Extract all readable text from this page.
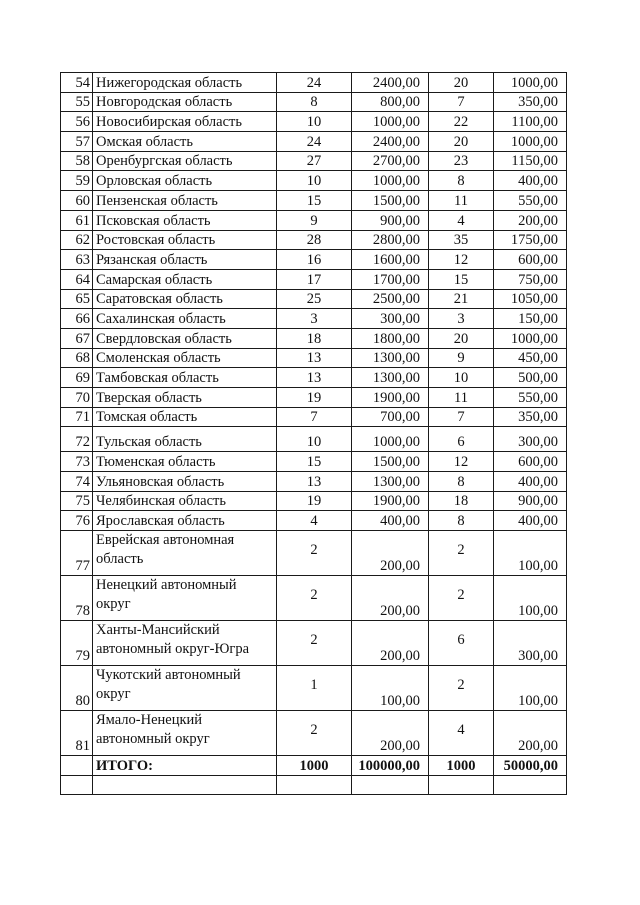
54	Нижегородская область	24	2400,00	20	1000,00
55	Новгородская область	8	800,00	7	350,00
56	Новосибирская область	10	1000,00	22	1100,00
57	Омская область	24	2400,00	20	1000,00
58	Оренбургская область	27	2700,00	23	1150,00
59	Орловская область	10	1000,00	8	400,00
60	Пензенская область	15	1500,00	11	550,00
61	Псковская область	9	900,00	4	200,00
62	Ростовская область	28	2800,00	35	1750,00
63	Рязанская область	16	1600,00	12	600,00
64	Самарская область	17	1700,00	15	750,00
65	Саратовская область	25	2500,00	21	1050,00
66	Сахалинская область	3	300,00	3	150,00
67	Свердловская область	18	1800,00	20	1000,00
68	Смоленская область	13	1300,00	9	450,00
69	Тамбовская область	13	1300,00	10	500,00
70	Тверская область	19	1900,00	11	550,00
71	Томская область	7	700,00	7	350,00
72	Тульская область	10	1000,00	6	300,00
73	Тюменская область	15	1500,00	12	600,00
74	Ульяновская область	13	1300,00	8	400,00
75	Челябинская область	19	1900,00	18	900,00
76	Ярославская область	4	400,00	8	400,00
77	Еврейская автономная область	2	200,00	2	100,00
78	Ненецкий автономный округ	2	200,00	2	100,00
79	Ханты-Мансийский автономный округ-Югра	2	200,00	6	300,00
80	Чукотский автономный округ	1	100,00	2	100,00
81	Ямало-Ненецкий автономный округ	2	200,00	4	200,00
	ИТОГО:	1000	100000,00	1000	50000,00
